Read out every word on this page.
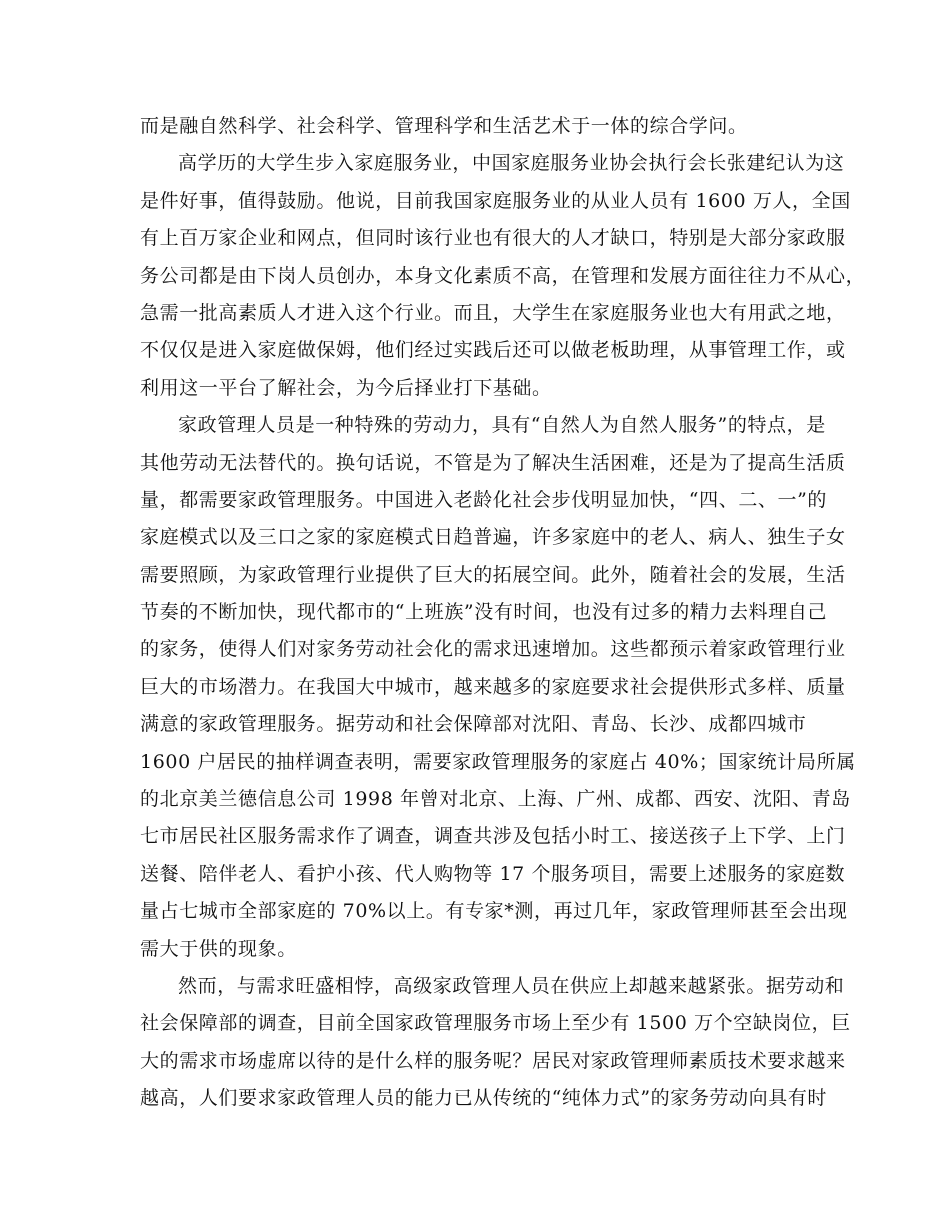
而是融自然科学、社会科学、管理科学和生活艺术于一体的综合学问。
高学历的大学生步入家庭服务业，中国家庭服务业协会执行会长张建纪认为这
是件好事，值得鼓励。他说，目前我国家庭服务业的从业人员有 1600 万人，全国
有上百万家企业和网点，但同时该行业也有很大的人才缺口，特别是大部分家政服
务公司都是由下岗人员创办，本身文化素质不高，在管理和发展方面往往力不从心，
急需一批高素质人才进入这个行业。而且，大学生在家庭服务业也大有用武之地，
不仅仅是进入家庭做保姆，他们经过实践后还可以做老板助理，从事管理工作，或
利用这一平台了解社会，为今后择业打下基础。
家政管理人员是一种特殊的劳动力，具有“自然人为自然人服务”的特点，是
其他劳动无法替代的。换句话说，不管是为了解决生活困难，还是为了提高生活质
量，都需要家政管理服务。中国进入老龄化社会步伐明显加快，“四、二、一”的
家庭模式以及三口之家的家庭模式日趋普遍，许多家庭中的老人、病人、独生子女
需要照顾，为家政管理行业提供了巨大的拓展空间。此外，随着社会的发展，生活
节奏的不断加快，现代都市的“上班族”没有时间，也没有过多的精力去料理自己
的家务，使得人们对家务劳动社会化的需求迅速增加。这些都预示着家政管理行业
巨大的市场潜力。在我国大中城市，越来越多的家庭要求社会提供形式多样、质量
满意的家政管理服务。据劳动和社会保障部对沈阳、青岛、长沙、成都四城市
1600 户居民的抽样调查表明，需要家政管理服务的家庭占 40%；国家统计局所属
的北京美兰德信息公司 1998 年曾对北京、上海、广州、成都、西安、沈阳、青岛
七市居民社区服务需求作了调查，调查共涉及包括小时工、接送孩子上下学、上门
送餐、陪伴老人、看护小孩、代人购物等 17 个服务项目，需要上述服务的家庭数
量占七城市全部家庭的 70%以上。有专家*测，再过几年，家政管理师甚至会出现
需大于供的现象。
然而，与需求旺盛相悖，高级家政管理人员在供应上却越来越紧张。据劳动和
社会保障部的调查，目前全国家政管理服务市场上至少有 1500 万个空缺岗位，巨
大的需求市场虚席以待的是什么样的服务呢？居民对家政管理师素质技术要求越来
越高，人们要求家政管理人员的能力已从传统的“纯体力式”的家务劳动向具有时
